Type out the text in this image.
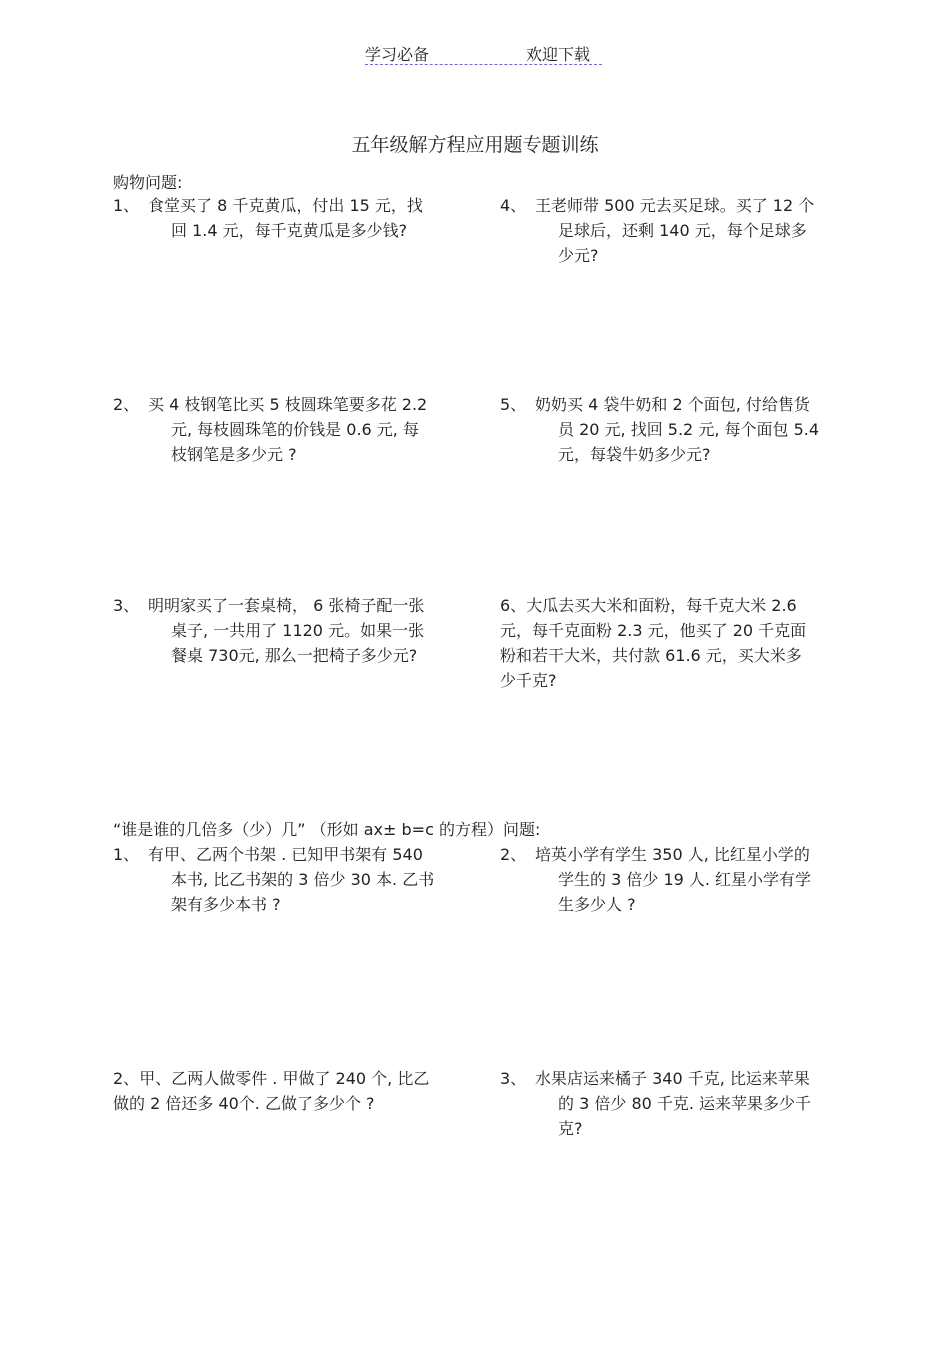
学习必备	欢迎下载
五年级解方程应用题专题训练
购物问题:
1、 食堂买了 8 千克黄瓜，付出 15 元，找

回 1.4 元，每千克黄瓜是多少钱?

4、 王老师带 500 元去买足球。买了 12 个

足球后，还剩 140 元，每个足球多

少元?

2、 买 4 枝钢笔比买 5 枝圆珠笔要多花 2.2

元, 每枝圆珠笔的价钱是 0.6 元, 每

枝钢笔是多少元 ?

5、 奶奶买 4 袋牛奶和 2 个面包, 付给售货

员 20 元, 找回 5.2 元, 每个面包 5.4

元，每袋牛奶多少元?

3、 明明家买了一套桌椅， 6 张椅子配一张

桌子, 一共用了 1120 元。如果一张

餐桌 730元, 那么一把椅子多少元?

6、大瓜去买大米和面粉，每千克大米 2.6

元，每千克面粉 2.3 元，他买了 20 千克面

粉和若干大米，共付款 61.6 元，买大米多

少千克?

“谁是谁的几倍多（少）几” （形如 ax± b=c 的方程）问题:
1、 有甲、乙两个书架 . 已知甲书架有 540

本书, 比乙书架的 3 倍少 30 本. 乙书

架有多少本书 ?

2、 培英小学有学生 350 人, 比红星小学的

学生的 3 倍少 19 人. 红星小学有学

生多少人 ?

2、甲、乙两人做零件 . 甲做了 240 个, 比乙

做的 2 倍还多 40个. 乙做了多少个 ?

3、 水果店运来橘子 340 千克, 比运来苹果

的 3 倍少 80 千克. 运来苹果多少千

克?
